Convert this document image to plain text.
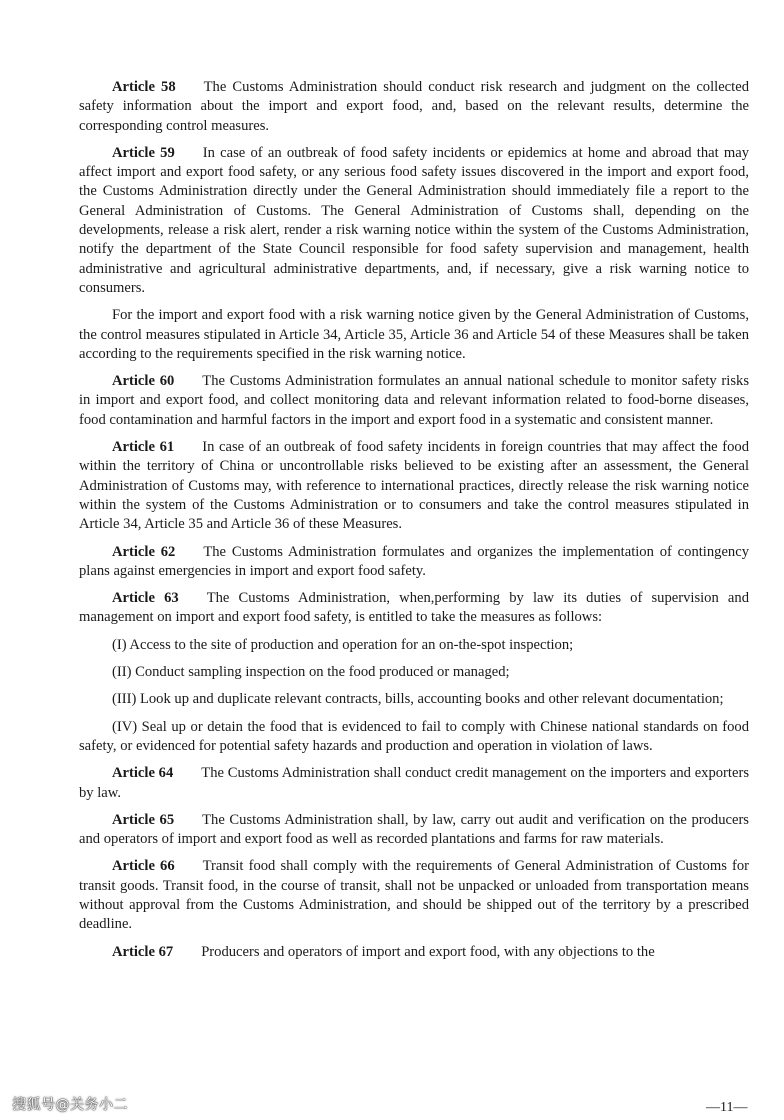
Article 58 The Customs Administration should conduct risk research and judgment on the collected safety information about the import and export food, and, based on the relevant results, determine the corresponding control measures.

Article 59 In case of an outbreak of food safety incidents or epidemics at home and abroad that may affect import and export food safety, or any serious food safety issues discovered in the import and export food, the Customs Administration directly under the General Administration should immediately file a report to the General Administration of Customs. The General Administration of Customs shall, depending on the developments, release a risk alert, render a risk warning notice within the system of the Customs Administration, notify the department of the State Council responsible for food safety supervision and management, health administrative and agricultural administrative departments, and, if necessary, give a risk warning notice to consumers.

For the import and export food with a risk warning notice given by the General Administration of Customs, the control measures stipulated in Article 34, Article 35, Article 36 and Article 54 of these Measures shall be taken according to the requirements specified in the risk warning notice.

Article 60 The Customs Administration formulates an annual national schedule to monitor safety risks in import and export food, and collect monitoring data and relevant information related to food-borne diseases, food contamination and harmful factors in the import and export food in a systematic and consistent manner.

Article 61 In case of an outbreak of food safety incidents in foreign countries that may affect the food within the territory of China or uncontrollable risks believed to be existing after an assessment, the General Administration of Customs may, with reference to international practices, directly release the risk warning notice within the system of the Customs Administration or to consumers and take the control measures stipulated in Article 34, Article 35 and Article 36 of these Measures.

Article 62 The Customs Administration formulates and organizes the implementation of contingency plans against emergencies in import and export food safety.

Article 63 The Customs Administration, when,performing by law its duties of supervision and management on import and export food safety, is entitled to take the measures as follows:

(I) Access to the site of production and operation for an on-the-spot inspection;

(II) Conduct sampling inspection on the food produced or managed;

(III) Look up and duplicate relevant contracts, bills, accounting books and other relevant documentation;

(IV) Seal up or detain the food that is evidenced to fail to comply with Chinese national standards on food safety, or evidenced for potential safety hazards and production and operation in violation of laws.

Article 64 The Customs Administration shall conduct credit management on the importers and exporters by law.

Article 65 The Customs Administration shall, by law, carry out audit and verification on the producers and operators of import and export food as well as recorded plantations and farms for raw materials.

Article 66 Transit food shall comply with the requirements of General Administration of Customs for transit goods. Transit food, in the course of transit, shall not be unpacked or unloaded from transportation means without approval from the Customs Administration, and should be shipped out of the territory by a prescribed deadline.

Article 67 Producers and operators of import and export food, with any objections to the

搜狐号@关务小二	—11—
